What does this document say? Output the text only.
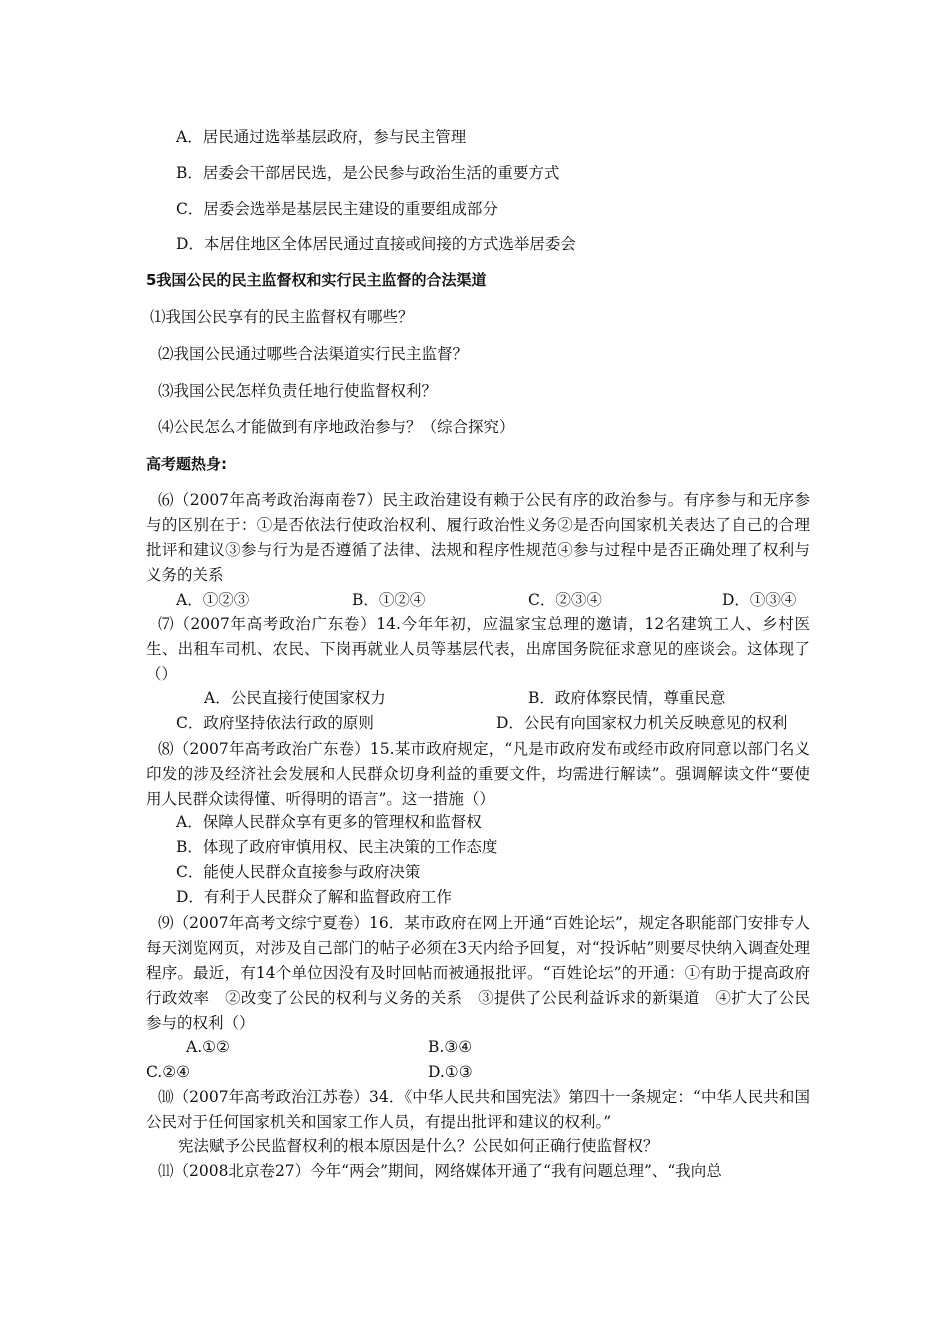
A．居民通过选举基层政府，参与民主管理
B．居委会干部居民选，是公民参与政治生活的重要方式
C．居委会选举是基层民主建设的重要组成部分
D．本居住地区全体居民通过直接或间接的方式选举居委会
5我国公民的民主监督权和实行民主监督的合法渠道
⑴我国公民享有的民主监督权有哪些？
⑵我国公民通过哪些合法渠道实行民主监督？
⑶我国公民怎样负责任地行使监督权利？
⑷公民怎么才能做到有序地政治参与？（综合探究）
高考题热身:
⑹（2007年高考政治海南卷7）民主政治建设有赖于公民有序的政治参与。有序参与和无序参与的区别在于：①是否依法行使政治权利、履行政治性义务②是否向国家机关表达了自己的合理批评和建议③参与行为是否遵循了法律、法规和程序性规范④参与过程中是否正确处理了权利与义务的关系
A．①②③	B．①②④	C．②③④	D．①③④
⑺（2007年高考政治广东卷）14.今年年初，应温家宝总理的邀请，12名建筑工人、乡村医生、出租车司机、农民、下岗再就业人员等基层代表，出席国务院征求意见的座谈会。这体现了（）
A．公民直接行使国家权力	B．政府体察民情，尊重民意
C．政府坚持依法行政的原则	D．公民有向国家权力机关反映意见的权利
⑻（2007年高考政治广东卷）15.某市政府规定，“凡是市政府发布或经市政府同意以部门名义印发的涉及经济社会发展和人民群众切身利益的重要文件，均需进行解读”。强调解读文件“要使用人民群众读得懂、听得明的语言”。这一措施（）
A．保障人民群众享有更多的管理权和监督权
B．体现了政府审慎用权、民主决策的工作态度
C．能使人民群众直接参与政府决策
D．有利于人民群众了解和监督政府工作
⑼（2007年高考文综宁夏卷）16．某市政府在网上开通“百姓论坛”，规定各职能部门安排专人每天浏览网页，对涉及自己部门的帖子必须在3天内给予回复，对“投诉帖”则要尽快纳入调查处理程序。最近，有14个单位因没有及时回帖而被通报批评。“百姓论坛”的开通：①有助于提高政府行政效率　②改变了公民的权利与义务的关系　③提供了公民利益诉求的新渠道　④扩大了公民参与的权利（）
A.①②	B.③④
C.②④	D.①③
⑽（2007年高考政治江苏卷）34．《中华人民共和国宪法》第四十一条规定：“中华人民共和国公民对于任何国家机关和国家工作人员，有提出批评和建议的权利。”
宪法赋予公民监督权利的根本原因是什么？公民如何正确行使监督权？
⑾（2008北京卷27）今年“两会”期间，网络媒体开通了“我有问题总理”、“我向总
